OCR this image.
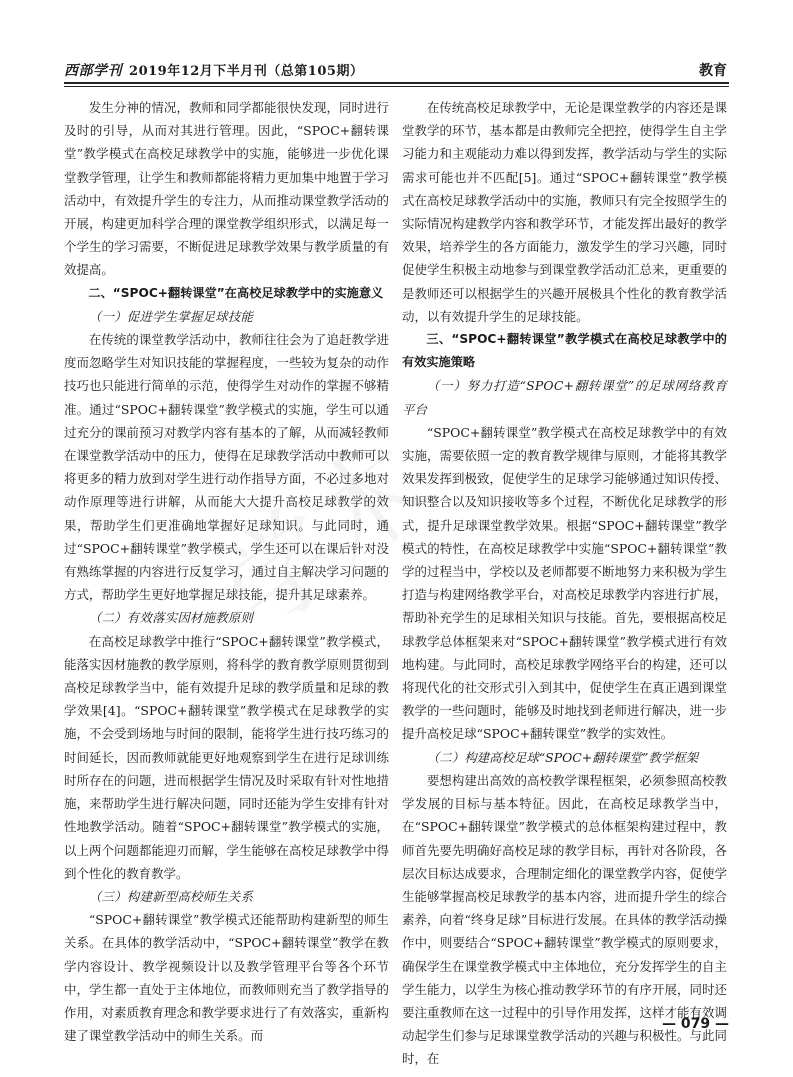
西部学刊 2019年12月下半月刊（总第105期）	教育

发生分神的情况，教师和同学都能很快发现，同时进行及时的引导，从而对其进行管理。因此，“SPOC+翻转课堂”教学模式在高校足球教学中的实施，能够进一步优化课堂教学管理，让学生和教师都能将精力更加集中地置于学习活动中，有效提升学生的专注力，从而推动课堂教学活动的开展，构建更加科学合理的课堂教学组织形式，以满足每一个学生的学习需要，不断促进足球教学效果与教学质量的有效提高。

二、“SPOC+翻转课堂”在高校足球教学中的实施意义

（一）促进学生掌握足球技能

在传统的课堂教学活动中，教师往往会为了追赶教学进度而忽略学生对知识技能的掌握程度，一些较为复杂的动作技巧也只能进行简单的示范，使得学生对动作的掌握不够精准。通过“SPOC+翻转课堂”教学模式的实施，学生可以通过充分的课前预习对教学内容有基本的了解，从而减轻教师在课堂教学活动中的压力，使得在足球教学活动中教师可以将更多的精力放到对学生进行动作指导方面，不必过多地对动作原理等进行讲解，从而能大大提升高校足球教学的效果，帮助学生们更准确地掌握好足球知识。与此同时，通过“SPOC+翻转课堂”教学模式，学生还可以在课后针对没有熟练掌握的内容进行反复学习，通过自主解决学习问题的方式，帮助学生更好地掌握足球技能，提升其足球素养。

（二）有效落实因材施教原则

在高校足球教学中推行“SPOC+翻转课堂”教学模式，能落实因材施教的教学原则，将科学的教育教学原则贯彻到高校足球教学当中，能有效提升足球的教学质量和足球的教学效果[4]。“SPOC+翻转课堂”教学模式在足球教学的实施，不会受到场地与时间的限制，能将学生进行技巧练习的时间延长，因而教师就能更好地观察到学生在进行足球训练时所存在的问题，进而根据学生情况及时采取有针对性地措施，来帮助学生进行解决问题，同时还能为学生安排有针对性地教学活动。随着“SPOC+翻转课堂”教学模式的实施，以上两个问题都能迎刃而解，学生能够在高校足球教学中得到个性化的教育教学。

（三）构建新型高校师生关系

“SPOC+翻转课堂”教学模式还能帮助构建新型的师生关系。在具体的教学活动中，“SPOC+翻转课堂”教学在教学内容设计、教学视频设计以及教学管理平台等各个环节中，学生都一直处于主体地位，而教师则充当了教学指导的作用，对素质教育理念和教学要求进行了有效落实，重新构建了课堂教学活动中的师生关系。而

在传统高校足球教学中，无论是课堂教学的内容还是课堂教学的环节，基本都是由教师完全把控，使得学生自主学习能力和主观能动力难以得到发挥，教学活动与学生的实际需求可能也并不匹配[5]。通过“SPOC+翻转课堂”教学模式在高校足球教学活动中的实施，教师只有完全按照学生的实际情况构建教学内容和教学环节，才能发挥出最好的教学效果，培养学生的各方面能力，激发学生的学习兴趣，同时促使学生积极主动地参与到课堂教学活动汇总来，更重要的是教师还可以根据学生的兴趣开展极具个性化的教育教学活动，以有效提升学生的足球技能。

三、“SPOC+翻转课堂”教学模式在高校足球教学中的有效实施策略

（一）努力打造“SPOC+翻转课堂”的足球网络教育平台

“SPOC+翻转课堂”教学模式在高校足球教学中的有效实施，需要依照一定的教育教学规律与原则，才能将其教学效果发挥到极致，促使学生的足球学习能够通过知识传授、知识整合以及知识接收等多个过程，不断优化足球教学的形式，提升足球课堂教学效果。根据“SPOC+翻转课堂”教学模式的特性，在高校足球教学中实施“SPOC+翻转课堂”教学的过程当中，学校以及老师都要不断地努力来积极为学生打造与构建网络教学平台，对高校足球教学内容进行扩展，帮助补充学生的足球相关知识与技能。首先，要根据高校足球教学总体框架来对“SPOC+翻转课堂”教学模式进行有效地构建。与此同时，高校足球教学网络平台的构建，还可以将现代化的社交形式引入到其中，促使学生在真正遇到课堂教学的一些问题时，能够及时地找到老师进行解决，进一步提升高校足球“SPOC+翻转课堂”教学的实效性。

（二）构建高校足球“SPOC+翻转课堂”教学框架

要想构建出高效的高校教学课程框架，必须参照高校教学发展的目标与基本特征。因此，在高校足球教学当中，在“SPOC+翻转课堂”教学模式的总体框架构建过程中，教师首先要先明确好高校足球的教学目标，再针对各阶段，各层次目标达成要求，合理制定细化的课堂教学内容，促使学生能够掌握高校足球教学的基本内容，进而提升学生的综合素养，向着“终身足球”目标进行发展。在具体的教学活动操作中，则要结合“SPOC+翻转课堂”教学模式的原则要求，确保学生在课堂教学模式中主体地位，充分发挥学生的自主学生能力，以学生为核心推动教学环节的有序开展，同时还要注重教师在这一过程中的引导作用发挥，这样才能有效调动起学生们参与足球课堂教学活动的兴趣与积极性。与此同时，在

— 079 —
